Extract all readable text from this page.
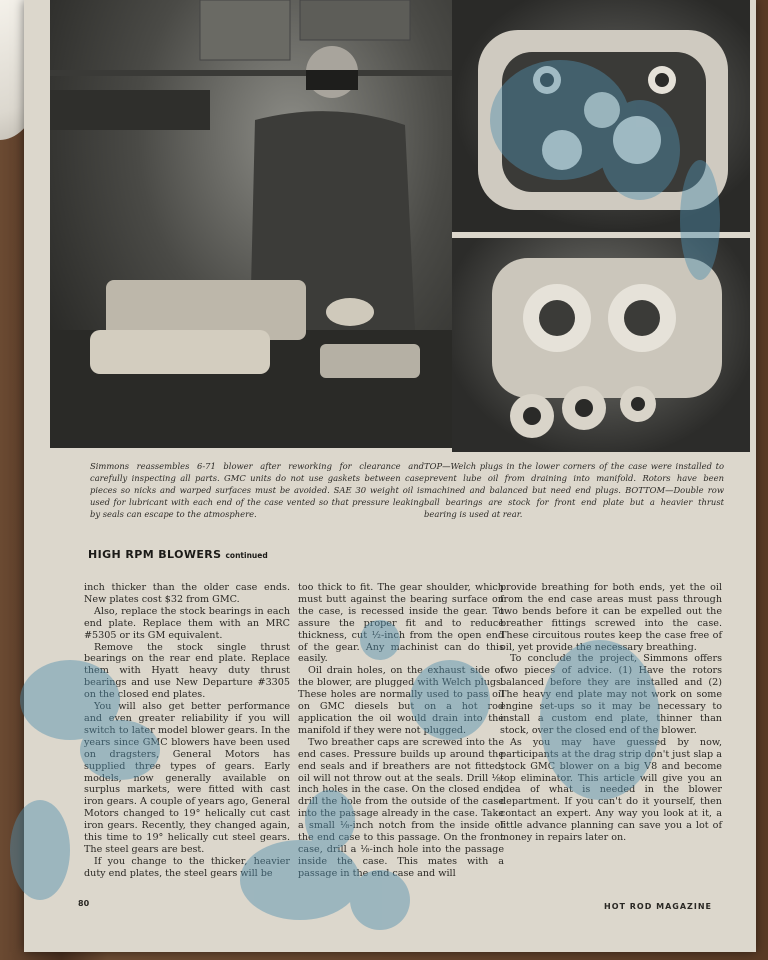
Simmons reassembles 6-71 blower after reworking for clearance and carefully inspecting all parts. GMC units do not use gaskets between case pieces so nicks and warped surfaces must be avoided. SAE 30 weight oil is used for lubricant with each end of the case vented so that pressure leaking by seals can escape to the atmosphere.
TOP—Welch plugs in the lower corners of the case were installed to prevent lube oil from draining into manifold. Rotors have been machined and balanced but need end plugs. BOTTOM—Double row ball bearings are stock for front end plate but a heavier thrust bearing is used at rear.
HIGH RPM BLOWERS continued

inch thicker than the older case ends. New plates cost $32 from GMC.

Also, replace the stock bearings in each end plate. Replace them with an MRC #5305 or its GM equivalent.

Remove the stock single thrust bearings on the rear end plate. Replace them with Hyatt heavy duty thrust bearings and use New Departure #3305 on the closed end plates.

You will also get better performance and even greater reliability if you will switch to later model blower gears. In the years since GMC blowers have been used on dragsters, General Motors has supplied three types of gears. Early models, now generally available on surplus markets, were fitted with cast iron gears. A couple of years ago, General Motors changed to 19° helically cut cast iron gears. Recently, they changed again, this time to 19° helically cut steel gears. The steel gears are best.

If you change to the thicker, heavier duty end plates, the steel gears will be

too thick to fit. The gear shoulder, which must butt against the bearing surface on the case, is recessed inside the gear. To assure the proper fit and to reduce thickness, cut ½-inch from the open end of the gear. Any machinist can do this easily.

Oil drain holes, on the exhaust side of the blower, are plugged with Welch plugs. These holes are normally used to pass oil on GMC diesels but on a hot rod application the oil would drain into the manifold if they were not plugged.

Two breather caps are screwed into the end cases. Pressure builds up around the end seals and if breathers are not fitted, oil will not throw out at the seals. Drill ⅛-inch holes in the case. On the closed end, drill the hole from the outside of the case into the passage already in the case. Take a small ⅛-inch notch from the inside of the end case to this passage. On the front case, drill a ⅛-inch hole into the passage inside the case. This mates with a passage in the end case and will

provide breathing for both ends, yet the oil from the end case areas must pass through two bends before it can be expelled out the breather fittings screwed into the case. These circuitous routes keep the case free of oil, yet provide the necessary breathing.

To conclude the project, Simmons offers two pieces of advice. (1) Have the rotors balanced before they are installed and (2) The heavy end plate may not work on some engine set-ups so it may be necessary to install a custom end plate, thinner than stock, over the closed end of the blower.

As you may have guessed by now, participants at the drag strip don't just slap a stock GMC blower on a big V8 and become top eliminator. This article will give you an idea of what is needed in the blower department. If you can't do it yourself, then contact an expert. Any way you look at it, a little advance planning can save you a lot of money in repairs later on.

80	HOT ROD MAGAZINE
